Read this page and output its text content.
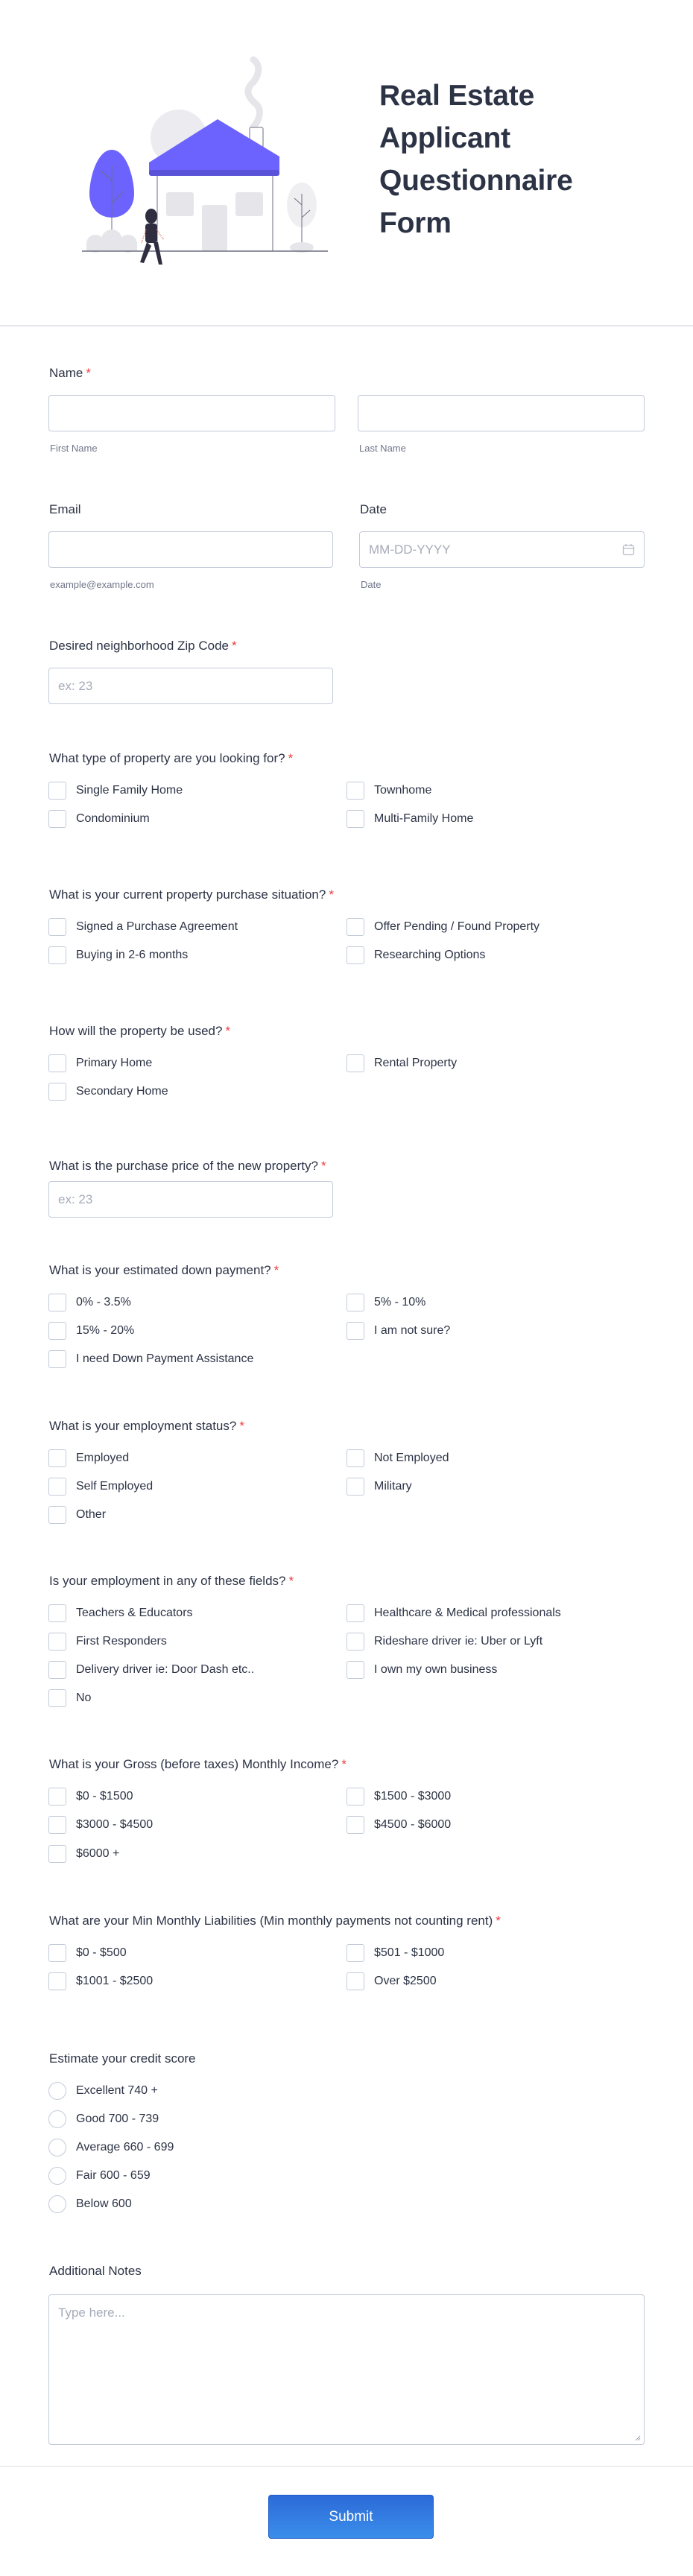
Real Estate
Applicant
Questionnaire
Form
Name *
First Name	Last Name
Email	Date
MM-DD-YYYY
example@example.com	Date
Desired neighborhood Zip Code *
ex: 23
What type of property are you looking for? *
Single Family Home	Townhome
Condominium	Multi-Family Home
What is your current property purchase situation? *
Signed a Purchase Agreement	Offer Pending / Found Property
Buying in 2-6 months	Researching Options
How will the property be used? *
Primary Home	Rental Property
Secondary Home
What is the purchase price of the new property? *
ex: 23
What is your estimated down payment? *
0% - 3.5%	5% - 10%
15% - 20%	I am not sure?
I need Down Payment Assistance
What is your employment status? *
Employed	Not Employed
Self Employed	Military
Other
Is your employment in any of these fields? *
Teachers & Educators	Healthcare & Medical professionals
First Responders	Rideshare driver ie: Uber or Lyft
Delivery driver ie: Door Dash etc..	I own my own business
No
What is your Gross (before taxes) Monthly Income? *
$0 - $1500	$1500 - $3000
$3000 - $4500	$4500 - $6000
$6000 +
What are your Min Monthly Liabilities (Min monthly payments not counting rent) *
$0 - $500	$501 - $1000
$1001 - $2500	Over $2500
Estimate your credit score
Excellent 740 +
Good 700 - 739
Average 660 - 699
Fair 600 - 659
Below 600
Additional Notes
Type here...
Submit
